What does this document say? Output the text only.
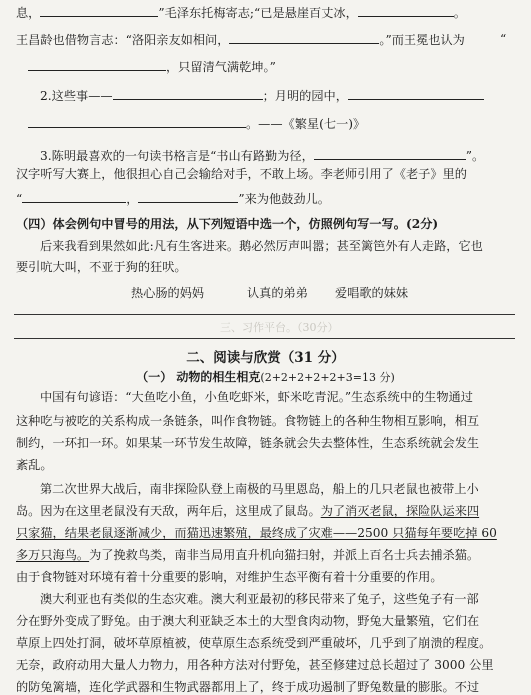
息，	”毛泽东托梅寄志;“已是悬崖百丈冰，	。
王昌龄也借物言志：“洛阳亲友如相问，	。”而王冕也认为	“
，只留清气满乾坤。”
2.这些事——	；月明的园中，
。——《繁星(七一)》
3.陈明最喜欢的一句读书格言是“书山有路勤为径，	”。
汉字听写大赛上，他很担心自己会输给对手，不敢上场。李老师引用了《老子》里的
“	，	”来为他鼓劲儿。
（四）体会例句中冒号的用法，从下列短语中选一个，仿照例句写一写。(2分)
后来我看到果然如此:凡有生客进来。鹅必然厉声叫嚣；甚至篱笆外有人走路，它也
要引吭大叫，不亚于狗的狂吠。
热心肠的妈妈	认真的弟弟	爱唱歌的妹妹
三、习作平台。（30分）
二、阅读与欣赏（31 分）
（一） 动物的相生相克(2+2+2+2+2+3=13 分)
中国有句谚语：“大鱼吃小鱼，小鱼吃虾米，虾米吃青泥。”生态系统中的生物通过
这种吃与被吃的关系构成一条链条，叫作食物链。食物链上的各种生物相互影响，相互
制约，一环扣一环。如果某一环节发生故障，链条就会失去整体性，生态系统就会发生
紊乱。
第二次世界大战后，南非探险队登上南极的马里恩岛，船上的几只老鼠也被带上小
岛。因为在这里老鼠没有天敌，两年后，这里成了鼠岛。为了消灭老鼠，探险队运来四
只家猫，结果老鼠逐渐减少，而猫迅速繁殖，最终成了灾难——2500 只猫每年要吃掉 60
多万只海鸟。为了挽救鸟类，南非当局用直升机向猫扫射，并派上百名士兵去捕杀猫。
由于食物链对环境有着十分重要的影响，对维护生态平衡有着十分重要的作用。
澳大利亚也有类似的生态灾难。澳大利亚最初的移民带来了兔子，这些兔子有一部
分在野外变成了野兔。由于澳大利亚缺乏本土的大型食肉动物，野兔大量繁殖，它们在
草原上四处打洞，破坏草原植被，使草原生态系统受到严重破坏，几乎到了崩溃的程度。
无奈，政府动用大量人力物力，用各种方法对付野兔，甚至修建过总长超过了 3000 公里
的防兔篱墙，连化学武器和生物武器都用上了，终于成功遏制了野兔数量的膨胀。不过
